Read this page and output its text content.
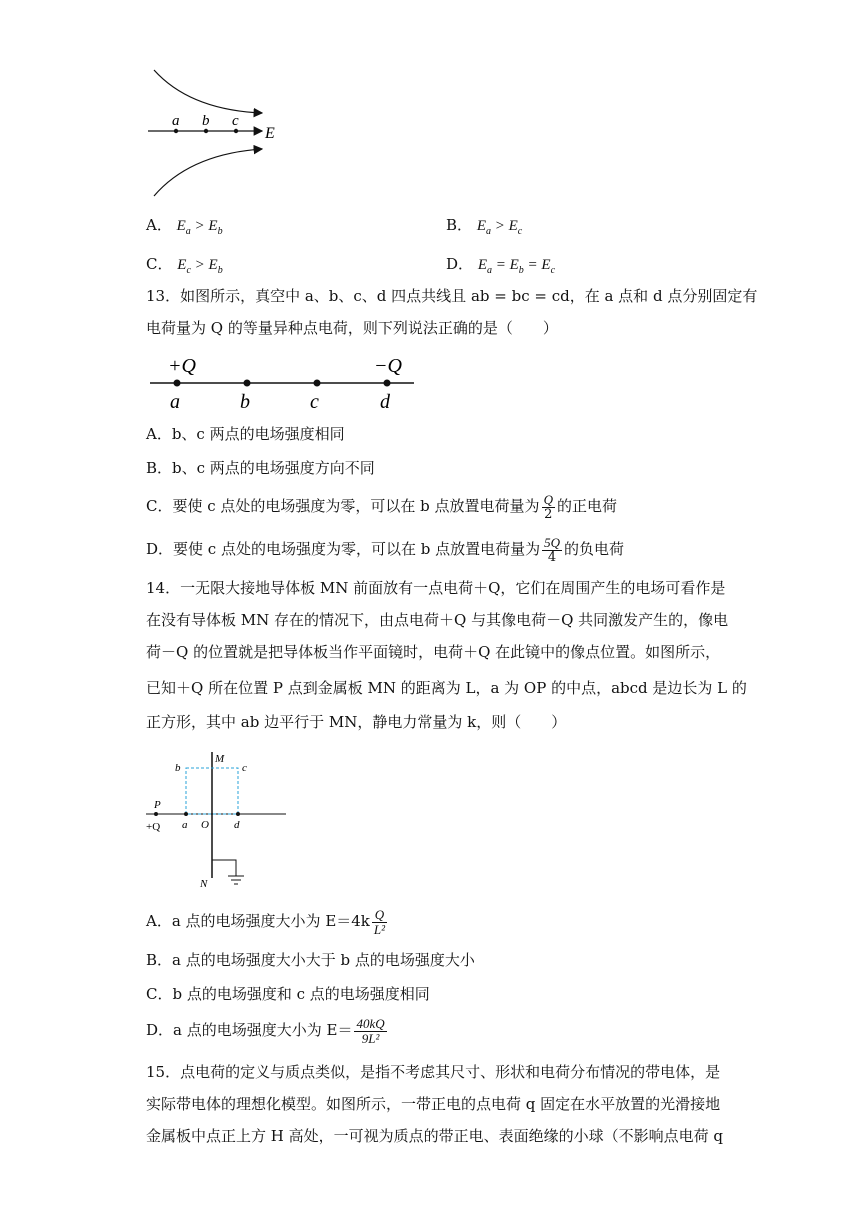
a b c
E
A． $E_a > E_b$	B． $E_a > E_c$
C． $E_c > E_b$	D． $E_a = E_b = E_c$
13．如图所示，真空中 a、b、c、d 四点共线且 ab = bc = cd，在 a 点和 d 点分别固定有
电荷量为 Q 的等量异种点电荷，则下列说法正确的是（　　）
+Q	−Q
a	b	c	d
A．b、c 两点的电场强度相同
B．b、c 两点的电场强度方向不同
C．要使 c 点处的电场强度为零，可以在 b 点放置电荷量为 $\frac{Q}{2}$ 的正电荷
D．要使 c 点处的电场强度为零，可以在 b 点放置电荷量为 $\frac{5Q}{4}$ 的负电荷
14．一无限大接地导体板 MN 前面放有一点电荷＋Q，它们在周围产生的电场可看作是
在没有导体板 MN 存在的情况下，由点电荷＋Q 与其像电荷－Q 共同激发产生的，像电
荷－Q 的位置就是把导体板当作平面镜时，电荷＋Q 在此镜中的像点位置。如图所示，
已知＋Q 所在位置 P 点到金属板 MN 的距离为 L，a 为 OP 的中点，abcd 是边长为 L 的
正方形，其中 ab 边平行于 MN，静电力常量为 k，则（　　）
M
N
b	c
P
+Q a O d
A．a 点的电场强度大小为 $E=4k \frac{Q}{\text{L²}}$
B．a 点的电场强度大小大于 b 点的电场强度大小
C．b 点的电场强度和 c 点的电场强度相同
D．a 点的电场强度大小为 $E= \frac{40kQ}{\text{9L²}}$
15．点电荷的定义与质点类似，是指不考虑其尺寸、形状和电荷分布情况的带电体，是
实际带电体的理想化模型。如图所示，一带正电的点电荷 q 固定在水平放置的光滑接地
金属板中点正上方 H 高处，一可视为质点的带正电、表面绝缘的小球（不影响点电荷 q
